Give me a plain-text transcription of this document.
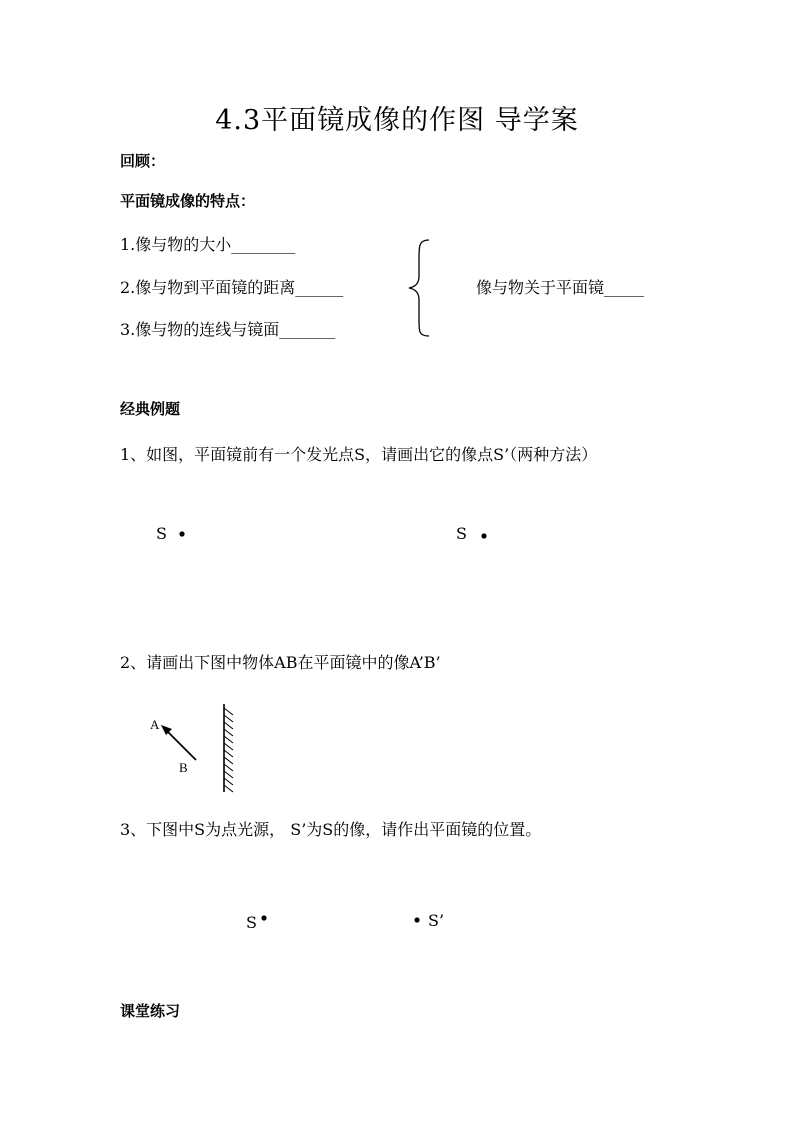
4.3平面镜成像的作图 导学案
回顾：
平面镜成像的特点：
1.像与物的大小________
2.像与物到平面镜的距离______
3.像与物的连线与镜面_______
像与物关于平面镜_____
经典例题
1、如图，平面镜前有一个发光点S，请画出它的像点S’（两种方法）
S	S
2、请画出下图中物体AB在平面镜中的像A’B’
A
B
3、下图中S为点光源， S’为S的像，请作出平面镜的位置。
S	S’
课堂练习
